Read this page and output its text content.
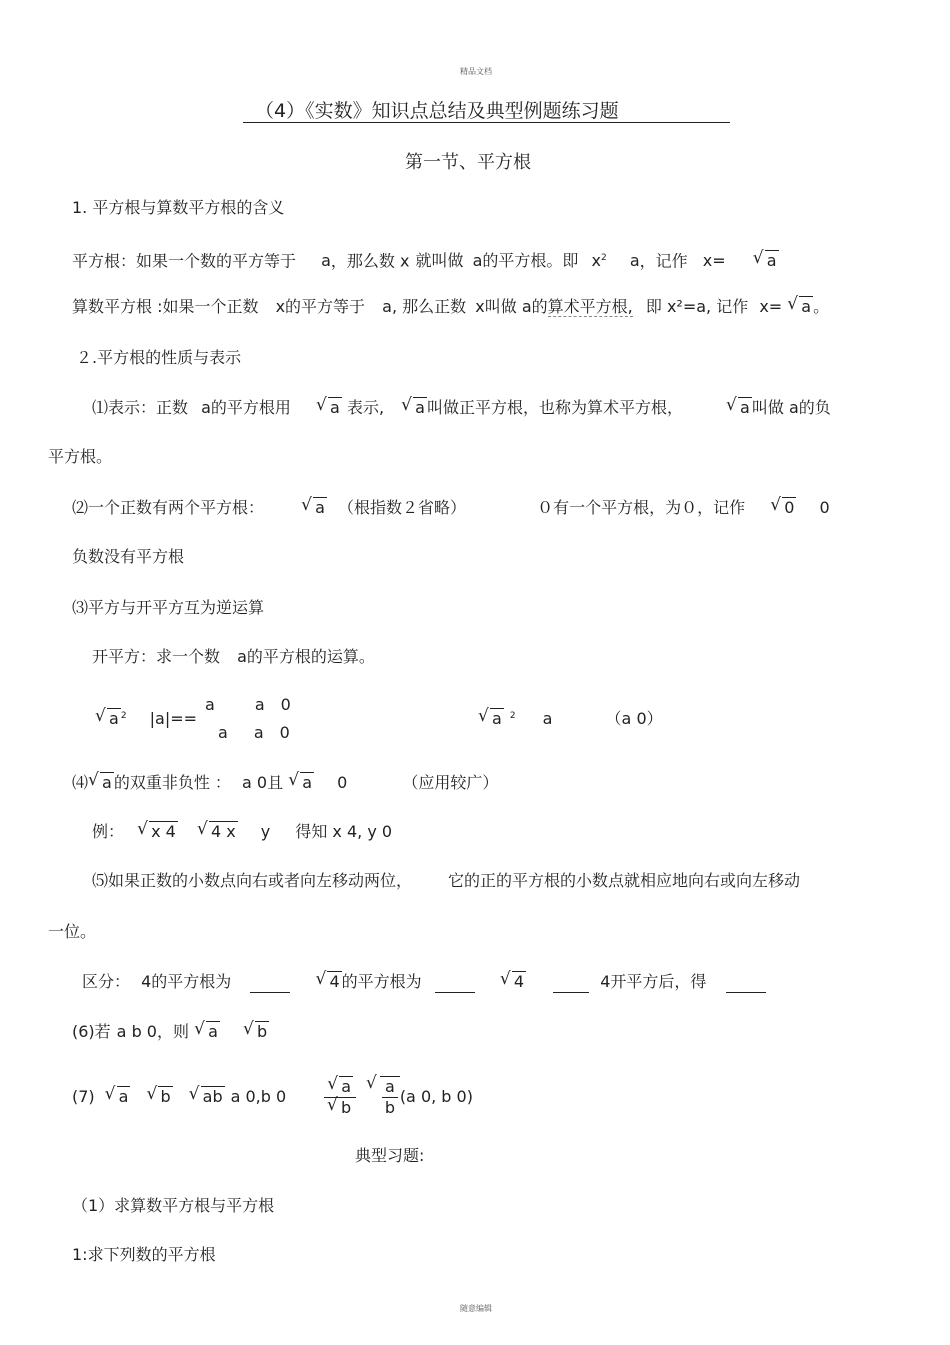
精品文档
（4）《实数》知识点总结及典型例题练习题
第一节、平方根
1. 平方根与算数平方根的含义
平方根：如果一个数的平方等于 a，那么数 x 就叫做 a的平方根。即 $x^2$ a，记作 x=	√ a
算数平方根 :如果一个正数 x的平方等于 a, 那么正数 x叫做 a的算术平方根, 即 x²=a, 记作 x= √ a 。
２.平方根的性质与表示
⑴表示：正数 a的平方根用 √ a 表示, √ a 叫做正平方根，也称为算术平方根，	√ a 叫做 a的负
平方根。
⑵一个正数有两个平方根：	√ a （根指数２省略）	０有一个平方根，为０，记作 √ 0 0
负数没有平方根
⑶平方与开平方互为逆运算
开平方：求一个数 a的平方根的运算。
√ a $^2$ |a|==
a	a 0
a a 0
√ a $^2$ a	（a 0）
⑷ √ a 的双重非负性 ： a 0且 √ a 0	（应用较广）
例： √ x 4 √ 4 x y 得知 x 4, y 0
⑸如果正数的小数点向右或者向左移动两位， 它的正的平方根的小数点就相应地向右或向左移动
一位。
区分： 4的平方根为	√ 4 的平方根为	√ 4	4开平方后，得
(6)若 a b 0，则 √ a √ b
(7)	√ a	√ b	√ ab a 0,b 0 √ a
√ b √ $\frac{a}{b} (a$ 0, b 0)
典型习题:
（1）求算数平方根与平方根
1:求下列数的平方根
随意编辑
